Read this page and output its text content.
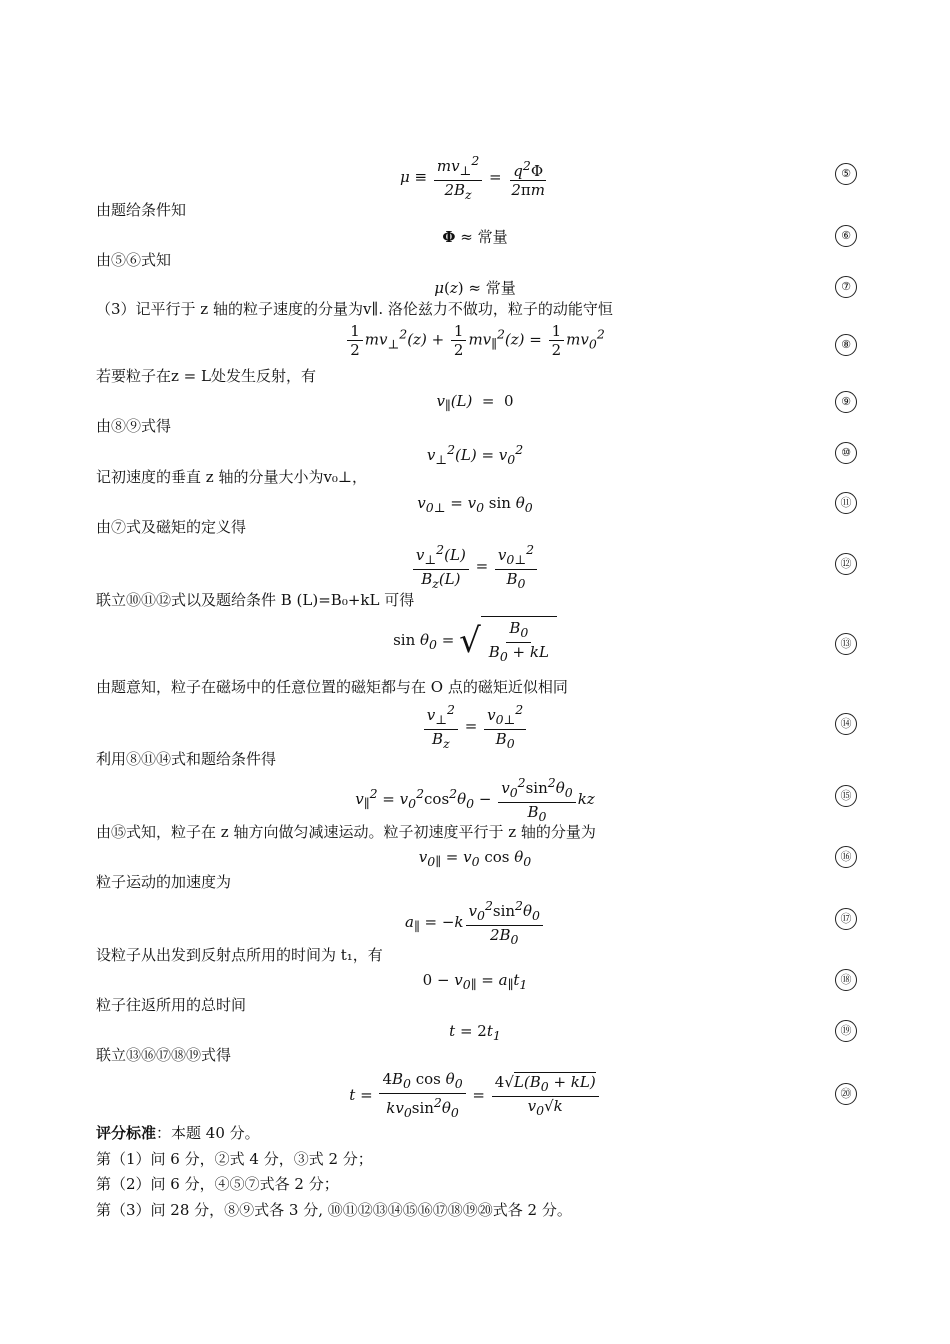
$\mu \equiv \frac{mv_\perp^2}{2B_z} = \frac{q^2\Phi}{2\pi m}$	⑤
由题给条件知
Φ ≈ 常量	⑥
由⑤⑥式知
μ(z) ≈ 常量	⑦
（3）记平行于 z 轴的粒子速度的分量为v∥. 洛伦兹力不做功，粒子的动能守恒
$\frac{1}{2} mv_\perp^2(z) + \frac{1}{2} mv_\parallel^2(z) = \frac{1}{2} mv_0^2$
⑧
若要粒子在z = L处发生反射，有
$v_\parallel(L) = 0$	⑨
由⑧⑨式得
$v_\perp^2(L) = v_0^2$	⑩
记初速度的垂直 z 轴的分量大小为v₀⊥，
$v_{0\perp} = v_0$ $\sin \theta_0$	⑪
由⑦式及磁矩的定义得
$\frac{v_\perp^2(L)}{B_z(L)} = \frac{v_{0\perp}^2}{B_0}$	⑫
联立⑩⑪⑫式以及题给条件 B (L)=B₀+kL 可得
$\sin \theta_0$ = √ $\frac{B_0}{B_0 + kL}$	⑬
由题意知，粒子在磁场中的任意位置的磁矩都与在 O 点的磁矩近似相同
$\frac{v_\perp^2}{B_z} = \frac{v_{0\perp}^2}{B_0}$	⑭
利用⑧⑪⑭式和题给条件得
$v_\parallel^2 = v_0^2\cos^2\theta_0 - \frac{v_0^2\sin^2\theta_0}{B_0}$ kz	⑮
由⑮式知，粒子在 z 轴方向做匀减速运动。粒子初速度平行于 z 轴的分量为
$v_{0\parallel} = v_0$ $\cos \theta_0$	⑯
粒子运动的加速度为
$a_\parallel = -k \frac{v_0^2\sin^2\theta_0}{2B_0}$	⑰
设粒子从出发到反射点所用的时间为 t₁，有
$0 - v_{0\parallel} = a_\parallel t_1$	⑱
粒子往返所用的总时间
$t = 2t_1$	⑲
联立⑬⑯⑰⑱⑲式得
$t = \frac{4B_0 \cos \theta_0}{kv_0\sin^2\theta_0} = \frac{4√L(B_0 + kL)}{v_0√k}$	⑳
评分标准：本题 40 分。
第（1）问 6 分，②式 4 分，③式 2 分；
第（2）问 6 分，④⑤⑦式各 2 分；
第（3）问 28 分，⑧⑨式各 3 分, ⑩⑪⑫⑬⑭⑮⑯⑰⑱⑲⑳式各 2 分。
